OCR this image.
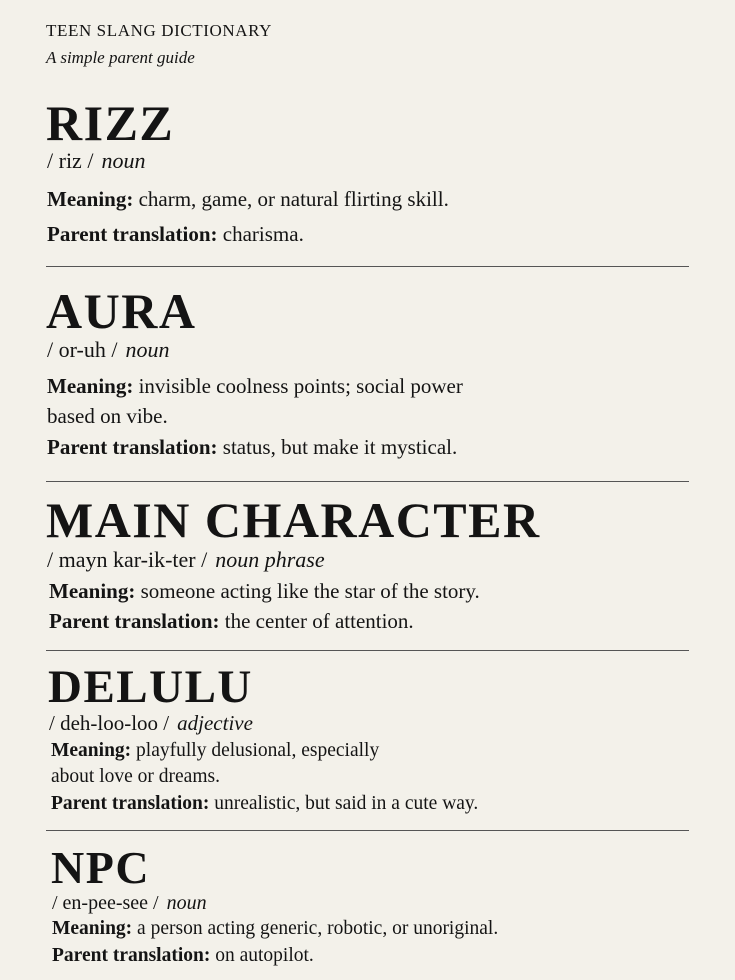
TEEN SLANG DICTIONARY
A simple parent guide
RIZZ
/ riz / noun
Meaning: charm, game, or natural flirting skill.
Parent translation: charisma.
AURA
/ or-uh / noun
Meaning: invisible coolness points; social power
based on vibe.
Parent translation: status, but make it mystical.
MAIN CHARACTER
/ mayn kar-ik-ter / noun phrase
Meaning: someone acting like the star of the story.
Parent translation: the center of attention.
DELULU
/ deh-loo-loo / adjective
Meaning: playfully delusional, especially
about love or dreams.
Parent translation: unrealistic, but said in a cute way.
NPC
/ en-pee-see / noun
Meaning: a person acting generic, robotic, or unoriginal.
Parent translation: on autopilot.
